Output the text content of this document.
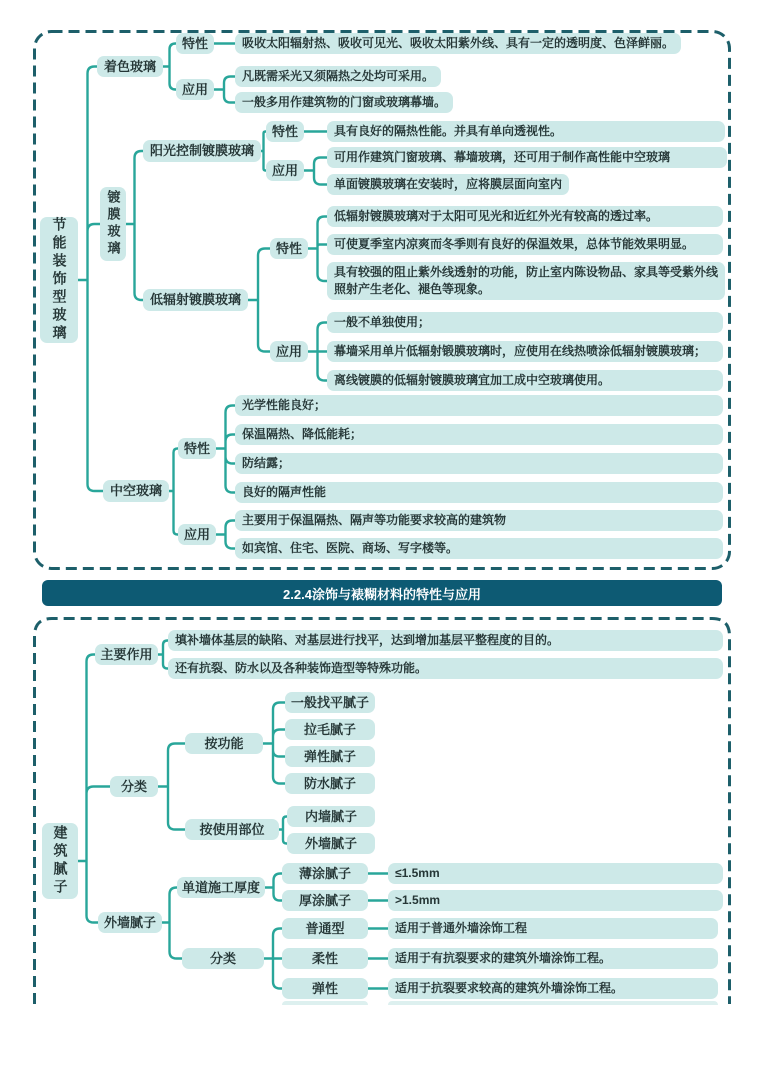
节能装饰型玻璃
着色玻璃
特性	吸收太阳辐射热、吸收可见光、吸收太阳紫外线、具有一定的透明度、色泽鲜丽。
应用
凡既需采光又须隔热之处均可采用。
一般多用作建筑物的门窗或玻璃幕墙。
镀膜玻璃
阳光控制镀膜玻璃
特性	具有良好的隔热性能。并具有单向透视性。
应用
可用作建筑门窗玻璃、幕墙玻璃，还可用于制作高性能中空玻璃
单面镀膜玻璃在安装时，应将膜层面向室内
低辐射镀膜玻璃
特性
低辐射镀膜玻璃对于太阳可见光和近红外光有较高的透过率。
可使夏季室内凉爽而冬季则有良好的保温效果，总体节能效果明显。
具有较强的阻止紫外线透射的功能，防止室内陈设物品、家具等受紫外线照射产生老化、褪色等现象。
应用
一般不单独使用；
幕墙采用单片低辐射锻膜玻璃时，应使用在线热喷涂低辐射镀膜玻璃；
离线镀膜的低辐射镀膜玻璃宜加工成中空玻璃使用。
中空玻璃
特性
光学性能良好；
保温隔热、降低能耗；
防结露；
良好的隔声性能
应用
主要用于保温隔热、隔声等功能要求较高的建筑物
如宾馆、住宅、医院、商场、写字楼等。
2.2.4涂饰与裱糊材料的特性与应用
建筑腻子
主要作用
填补墙体基层的缺陷、对基层进行找平，达到增加基层平整程度的目的。
还有抗裂、防水以及各种装饰造型等特殊功能。
分类
按功能
一般找平腻子
拉毛腻子
弹性腻子
防水腻子
按使用部位
内墙腻子
外墙腻子
外墙腻子
单道施工厚度
薄涂腻子	≤1.5mm
厚涂腻子	>1.5mm
分类
普通型	适用于普通外墙涂饰工程
柔性	适用于有抗裂要求的建筑外墙涂饰工程。
弹性	适用于抗裂要求较高的建筑外墙涂饰工程。
